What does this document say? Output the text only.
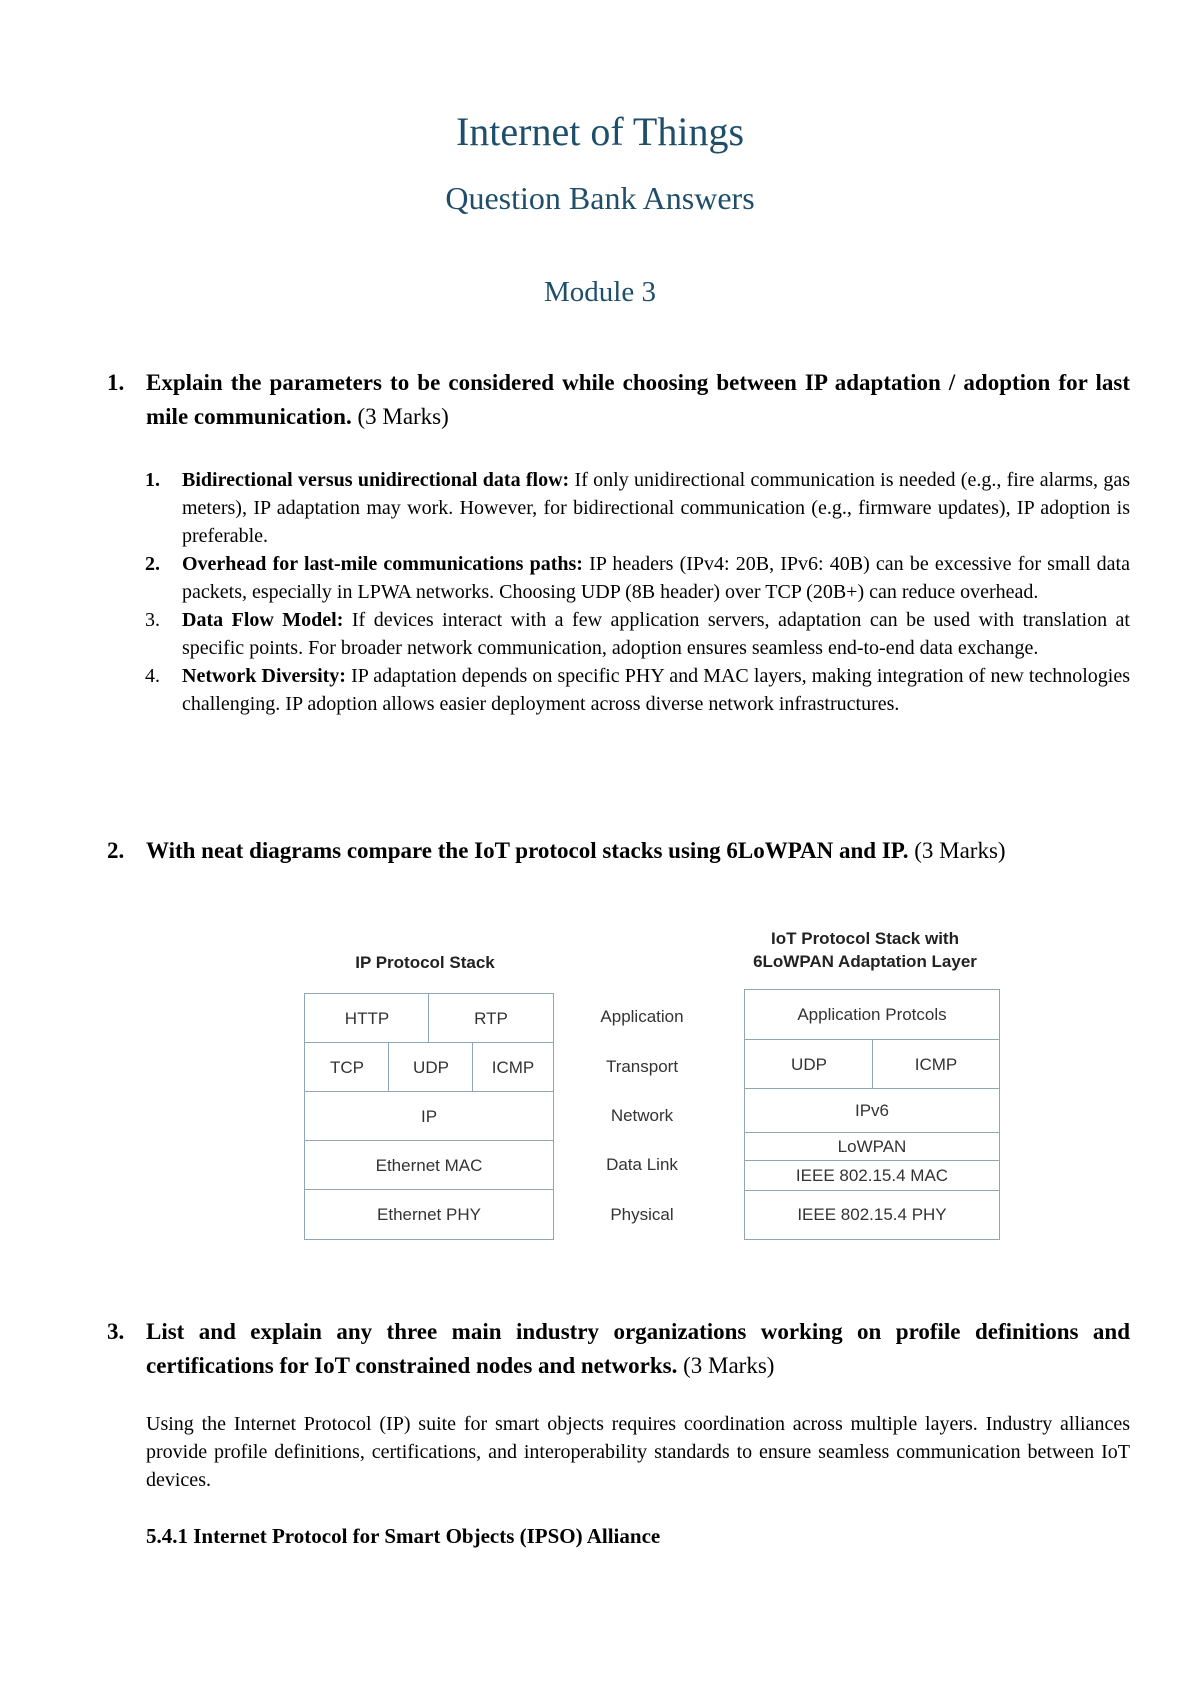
Internet of Things
Question Bank Answers
Module 3
1. Explain the parameters to be considered while choosing between IP adaptation / adoption for last mile communication. (3 Marks)

1. Bidirectional versus unidirectional data flow: If only unidirectional communication is needed (e.g., fire alarms, gas meters), IP adaptation may work. However, for bidirectional communication (e.g., firmware updates), IP adoption is preferable.

2. Overhead for last-mile communications paths: IP headers (IPv4: 20B, IPv6: 40B) can be excessive for small data packets, especially in LPWA networks. Choosing UDP (8B header) over TCP (20B+) can reduce overhead.

3. Data Flow Model: If devices interact with a few application servers, adaptation can be used with translation at specific points. For broader network communication, adoption ensures seamless end-to-end data exchange.

4. Network Diversity: IP adaptation depends on specific PHY and MAC layers, making integration of new technologies challenging. IP adoption allows easier deployment across diverse network infrastructures.

2. With neat diagrams compare the IoT protocol stacks using 6LoWPAN and IP. (3 Marks)
IP Protocol Stack
IoT Protocol Stack with
6LoWPAN Adaptation Layer
HTTP	RTP
TCP	UDP	ICMP
IP
Ethernet MAC
Ethernet PHY
Application
Transport
Network
Data Link
Physical
Application Protcols
UDP	ICMP
IPv6
LoWPAN
IEEE 802.15.4 MAC
IEEE 802.15.4 PHY
3. List and explain any three main industry organizations working on profile definitions and certifications for IoT constrained nodes and networks. (3 Marks)
Using the Internet Protocol (IP) suite for smart objects requires coordination across multiple layers. Industry alliances provide profile definitions, certifications, and interoperability standards to ensure seamless communication between IoT devices.
5.4.1 Internet Protocol for Smart Objects (IPSO) Alliance
